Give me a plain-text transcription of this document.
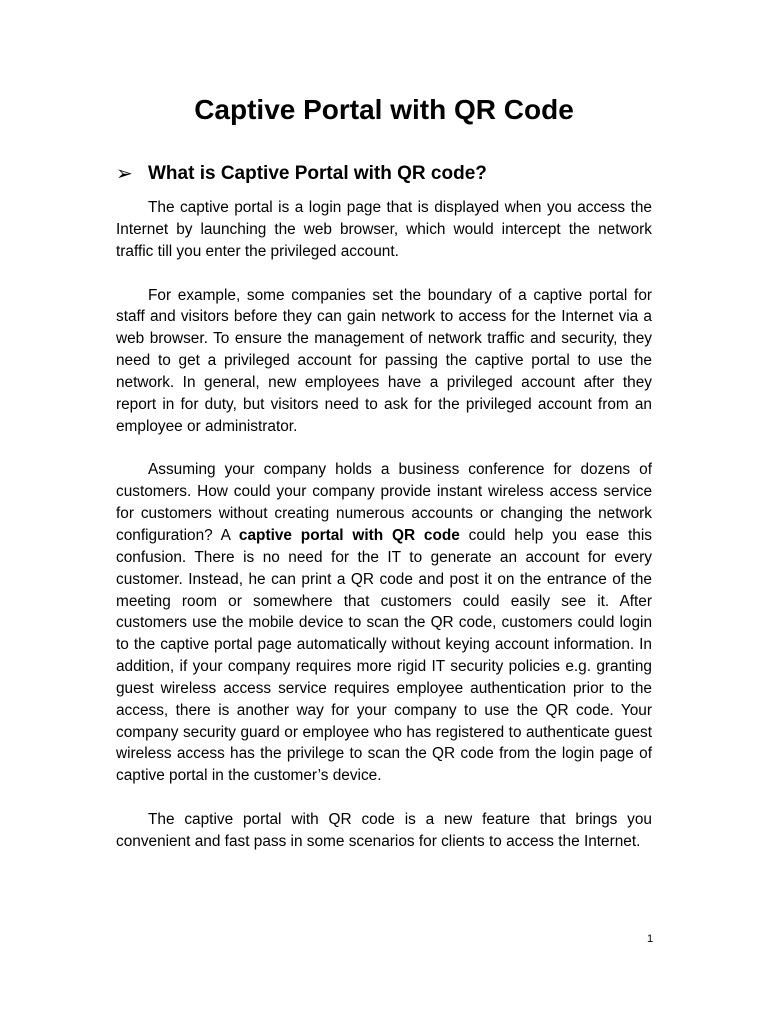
Captive Portal with QR Code
➢ What is Captive Portal with QR code?

The captive portal is a login page that is displayed when you access the Internet by launching the web browser, which would intercept the network traffic till you enter the privileged account.

For example, some companies set the boundary of a captive portal for staff and visitors before they can gain network to access for the Internet via a web browser. To ensure the management of network traffic and security, they need to get a privileged account for passing the captive portal to use the network. In general, new employees have a privileged account after they report in for duty, but visitors need to ask for the privileged account from an employee or administrator.

Assuming your company holds a business conference for dozens of customers. How could your company provide instant wireless access service for customers without creating numerous accounts or changing the network configuration? A captive portal with QR code could help you ease this confusion. There is no need for the IT to generate an account for every customer. Instead, he can print a QR code and post it on the entrance of the meeting room or somewhere that customers could easily see it. After customers use the mobile device to scan the QR code, customers could login to the captive portal page automatically without keying account information. In addition, if your company requires more rigid IT security policies e.g. granting guest wireless access service requires employee authentication prior to the access, there is another way for your company to use the QR code. Your company security guard or employee who has registered to authenticate guest wireless access has the privilege to scan the QR code from the login page of captive portal in the customer’s device.

The captive portal with QR code is a new feature that brings you convenient and fast pass in some scenarios for clients to access the Internet.

1
